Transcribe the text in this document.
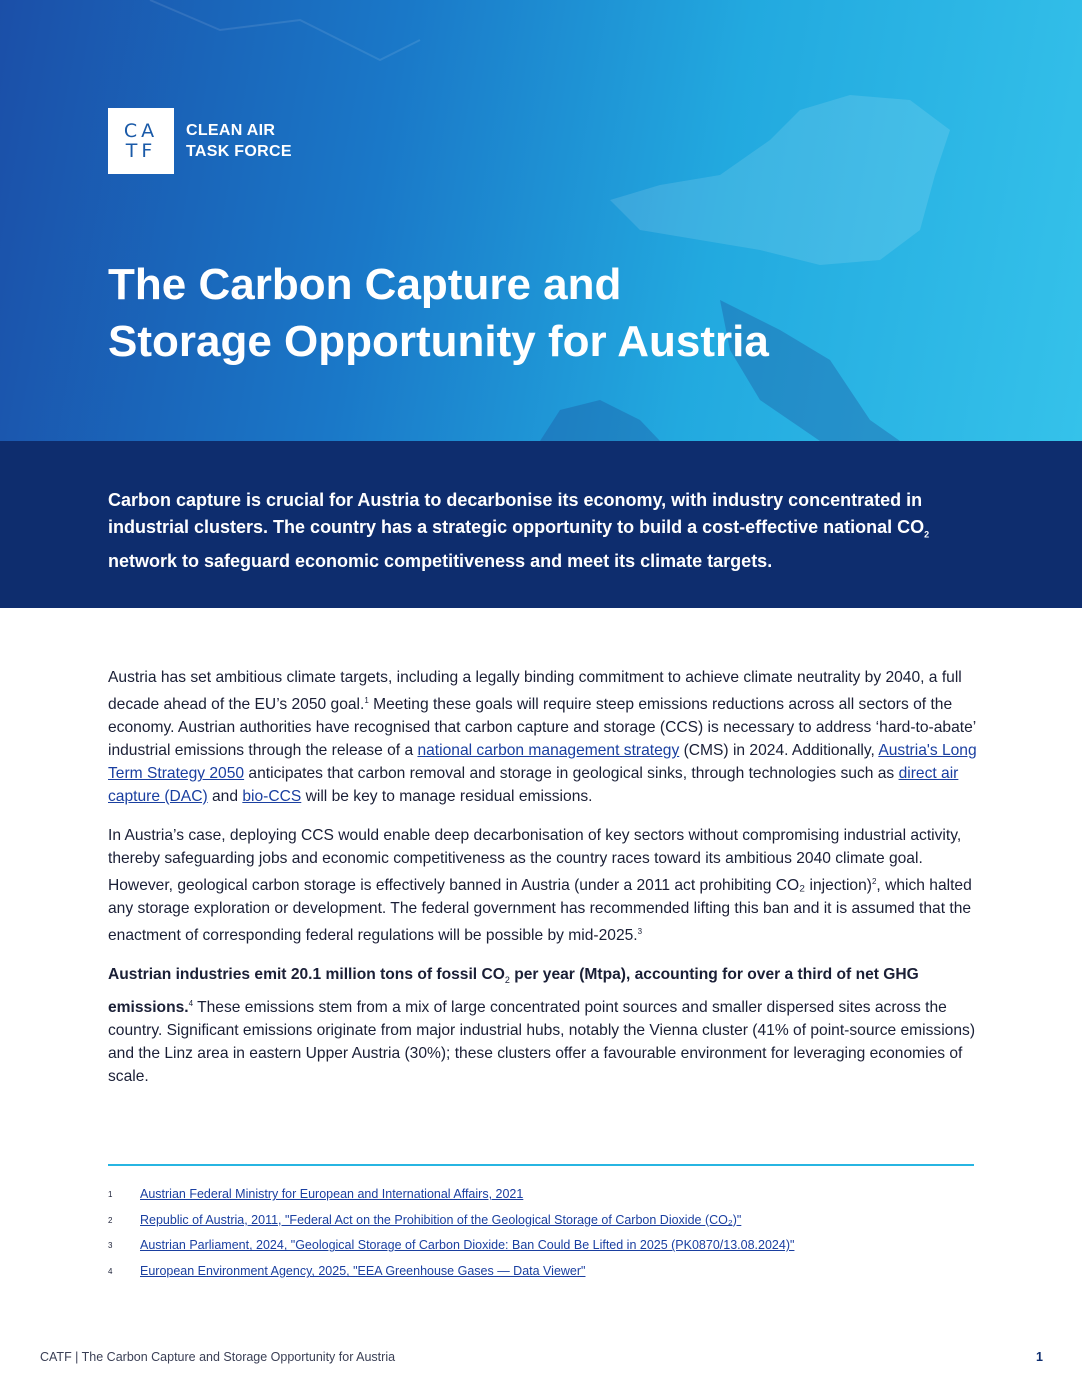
CA
TF
CLEAN AIR
TASK FORCE
The Carbon Capture and
Storage Opportunity for Austria

Carbon capture is crucial for Austria to decarbonise its economy, with industry concentrated in industrial clusters. The country has a strategic opportunity to build a cost-effective national $CO_2$ network to safeguard economic competitiveness and meet its climate targets.

Austria has set ambitious climate targets, including a legally binding commitment to achieve climate neutrality by 2040, a full decade ahead of the EU’s 2050 goal.$^1$ Meeting these goals will require steep emissions reductions across all sectors of the economy. Austrian authorities have recognised that carbon capture and storage (CCS) is necessary to address ‘hard-to-abate’ industrial emissions through the release of a national carbon management strategy (CMS) in 2024. Additionally, Austria's Long Term Strategy 2050 anticipates that carbon removal and storage in geological sinks, through technologies such as direct air capture (DAC) and bio-CCS will be key to manage residual emissions.

In Austria’s case, deploying CCS would enable deep decarbonisation of key sectors without compromising industrial activity, thereby safeguarding jobs and economic competitiveness as the country races toward its ambitious 2040 climate goal. However, geological carbon storage is effectively banned in Austria (under a 2011 act prohibiting CO₂ injection)$^2$, which halted any storage exploration or development. The federal government has recommended lifting this ban and it is assumed that the enactment of corresponding federal regulations will be possible by mid-2025.$^3$

Austrian industries emit 20.1 million tons of fossil $CO_2$ per year (Mtpa), accounting for over a third of net GHG emissions.$^4$ These emissions stem from a mix of large concentrated point sources and smaller dispersed sites across the country. Significant emissions originate from major industrial hubs, notably the Vienna cluster (41% of point-source emissions) and the Linz area in eastern Upper Austria (30%); these clusters offer a favourable environment for leveraging economies of scale.

1	Austrian Federal Ministry for European and International Affairs, 2021
2	Republic of Austria, 2011, "Federal Act on the Prohibition of the Geological Storage of Carbon Dioxide (CO₂)"
3	Austrian Parliament, 2024, "Geological Storage of Carbon Dioxide: Ban Could Be Lifted in 2025 (PK0870/13.08.2024)"
4	European Environment Agency, 2025, "EEA Greenhouse Gases — Data Viewer"
CATF | The Carbon Capture and Storage Opportunity for Austria	1
